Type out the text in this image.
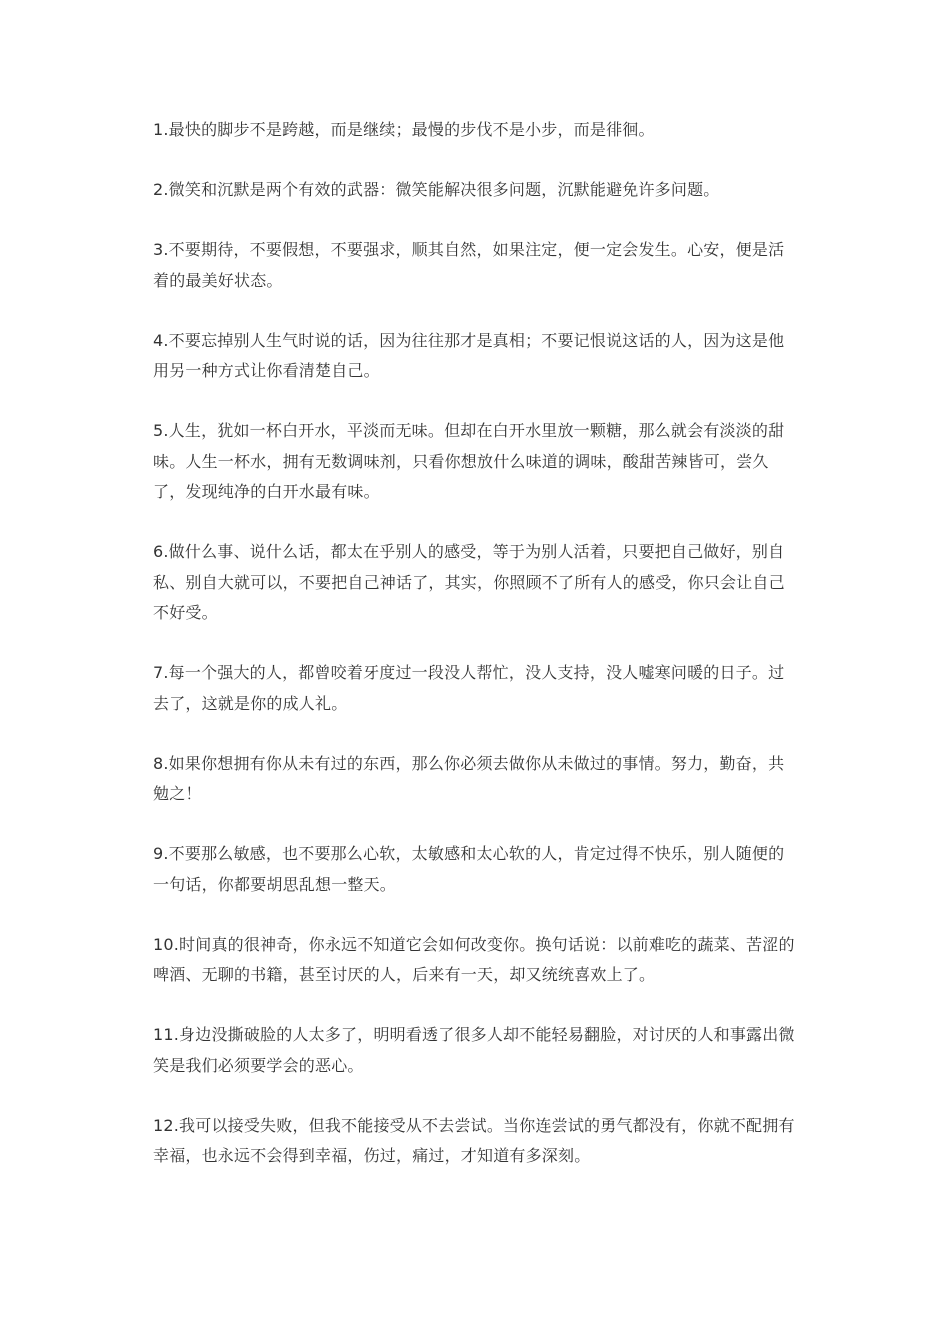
1.最快的脚步不是跨越，而是继续；最慢的步伐不是小步，而是徘徊。

2.微笑和沉默是两个有效的武器：微笑能解决很多问题，沉默能避免许多问题。

3.不要期待，不要假想，不要强求，顺其自然，如果注定，便一定会发生。心安，便是活着的最美好状态。

4.不要忘掉别人生气时说的话，因为往往那才是真相；不要记恨说这话的人，因为这是他用另一种方式让你看清楚自己。

5.人生，犹如一杯白开水，平淡而无味。但却在白开水里放一颗糖，那么就会有淡淡的甜味。人生一杯水，拥有无数调味剂，只看你想放什么味道的调味，酸甜苦辣皆可，尝久了，发现纯净的白开水最有味。

6.做什么事、说什么话，都太在乎别人的感受，等于为别人活着，只要把自己做好，别自私、别自大就可以，不要把自己神话了，其实，你照顾不了所有人的感受，你只会让自己不好受。

7.每一个强大的人，都曾咬着牙度过一段没人帮忙，没人支持，没人嘘寒问暖的日子。过去了，这就是你的成人礼。

8.如果你想拥有你从未有过的东西，那么你必须去做你从未做过的事情。努力，勤奋，共勉之！

9.不要那么敏感，也不要那么心软，太敏感和太心软的人，肯定过得不快乐，别人随便的一句话，你都要胡思乱想一整天。

10.时间真的很神奇，你永远不知道它会如何改变你。换句话说：以前难吃的蔬菜、苦涩的啤酒、无聊的书籍，甚至讨厌的人，后来有一天，却又统统喜欢上了。

11.身边没撕破脸的人太多了，明明看透了很多人却不能轻易翻脸，对讨厌的人和事露出微笑是我们必须要学会的恶心。

12.我可以接受失败，但我不能接受从不去尝试。当你连尝试的勇气都没有，你就不配拥有幸福，也永远不会得到幸福，伤过，痛过，才知道有多深刻。
